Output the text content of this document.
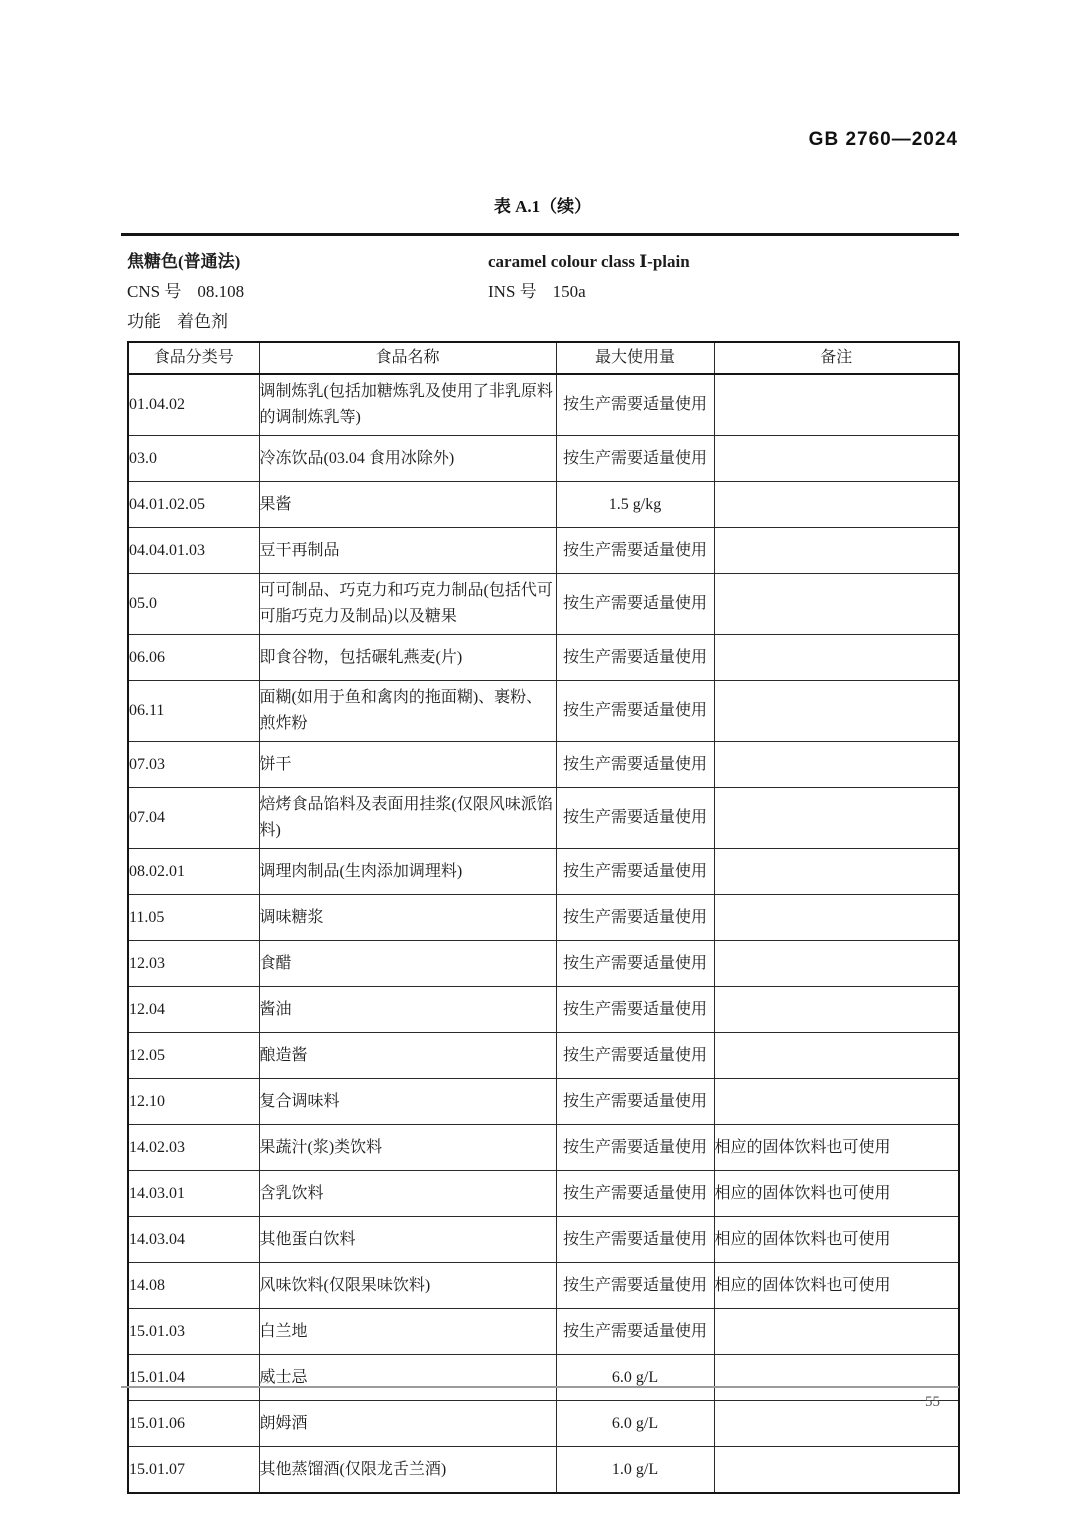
GB 2760—2024
表 A.1（续）
焦糖色(普通法)	caramel colour class Ⅰ-plain
CNS 号 08.108	INS 号 150a
功能 着色剂
食品分类号	食品名称	最大使用量	备注
01.04.02	调制炼乳(包括加糖炼乳及使用了非乳原料的调制炼乳等)	按生产需要适量使用	
03.0	冷冻饮品(03.04 食用冰除外)	按生产需要适量使用	
04.01.02.05	果酱	1.5 g/kg	
04.04.01.03	豆干再制品	按生产需要适量使用	
05.0	可可制品、巧克力和巧克力制品(包括代可可脂巧克力及制品)以及糖果	按生产需要适量使用	
06.06	即食谷物，包括碾轧燕麦(片)	按生产需要适量使用	
06.11	面糊(如用于鱼和禽肉的拖面糊)、裹粉、煎炸粉	按生产需要适量使用	
07.03	饼干	按生产需要适量使用	
07.04	焙烤食品馅料及表面用挂浆(仅限风味派馅料)	按生产需要适量使用	
08.02.01	调理肉制品(生肉添加调理料)	按生产需要适量使用	
11.05	调味糖浆	按生产需要适量使用	
12.03	食醋	按生产需要适量使用	
12.04	酱油	按生产需要适量使用	
12.05	酿造酱	按生产需要适量使用	
12.10	复合调味料	按生产需要适量使用	
14.02.03	果蔬汁(浆)类饮料	按生产需要适量使用	相应的固体饮料也可使用
14.03.01	含乳饮料	按生产需要适量使用	相应的固体饮料也可使用
14.03.04	其他蛋白饮料	按生产需要适量使用	相应的固体饮料也可使用
14.08	风味饮料(仅限果味饮料)	按生产需要适量使用	相应的固体饮料也可使用
15.01.03	白兰地	按生产需要适量使用	
15.01.04	威士忌	6.0 g/L	
15.01.06	朗姆酒	6.0 g/L	
15.01.07	其他蒸馏酒(仅限龙舌兰酒)	1.0 g/L	
55
